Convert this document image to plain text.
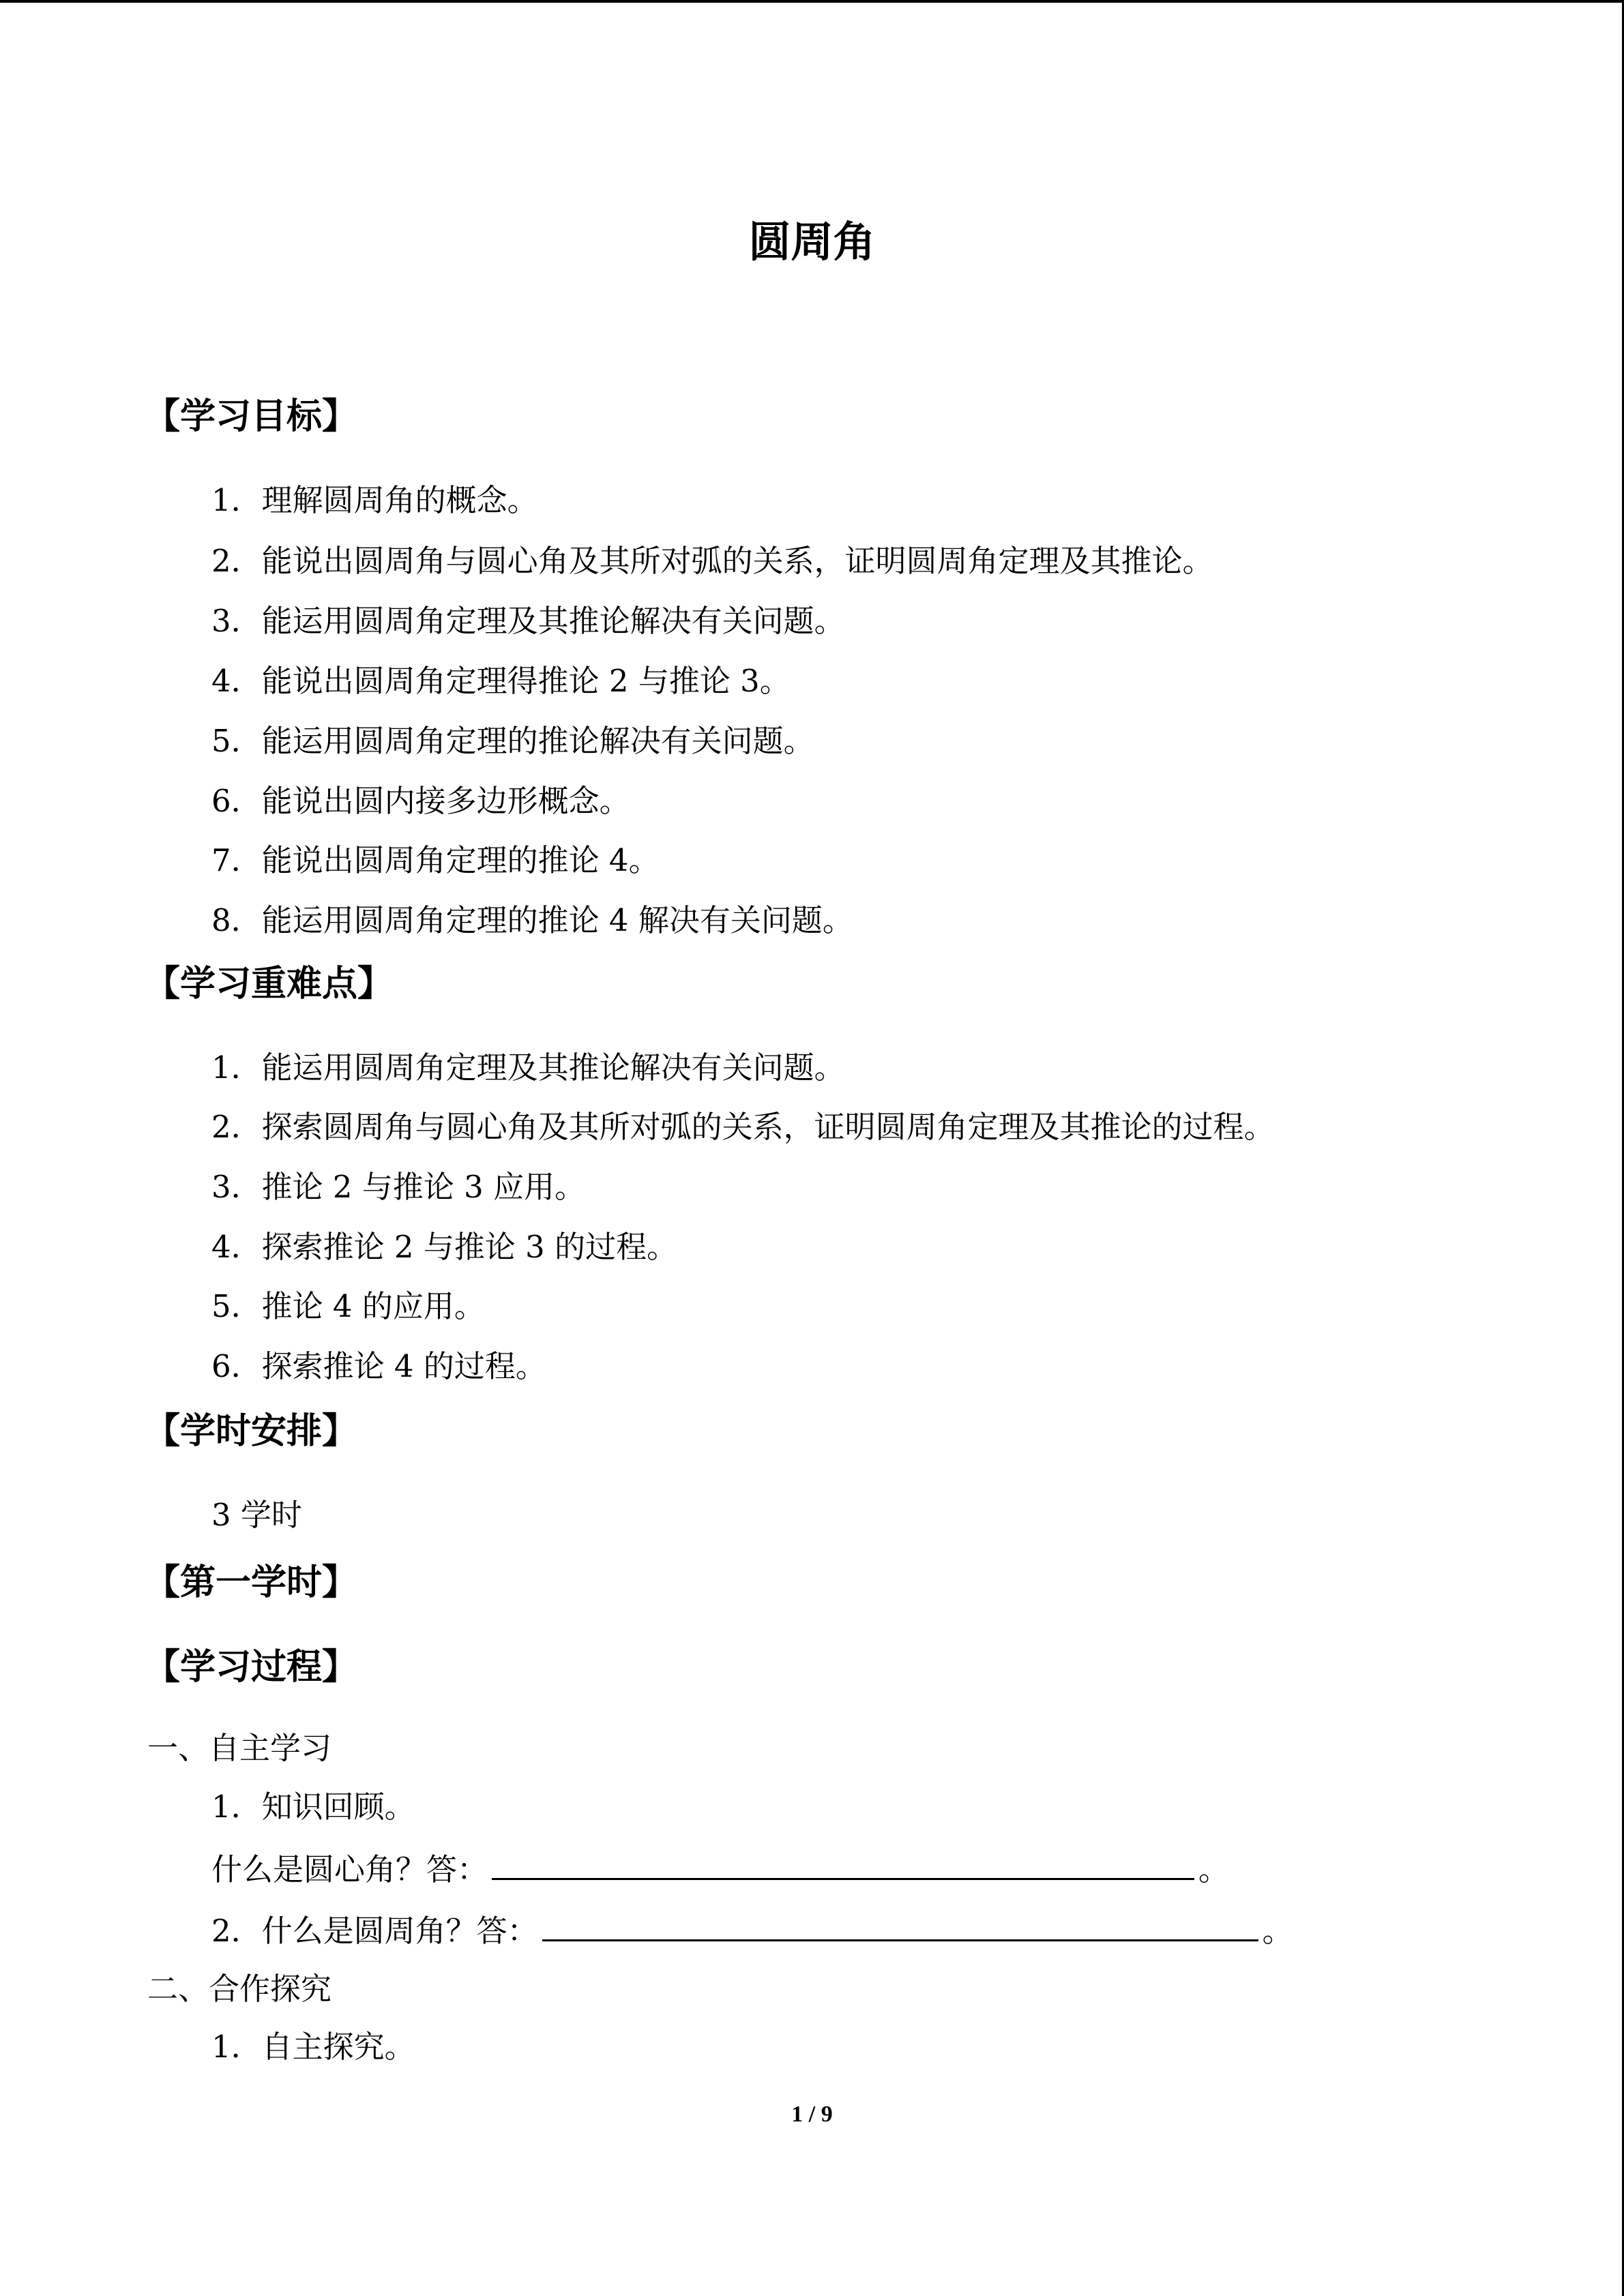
圆周角
【学习目标】
1．理解圆周角的概念。
2．能说出圆周角与圆心角及其所对弧的关系，证明圆周角定理及其推论。
3．能运用圆周角定理及其推论解决有关问题。
4．能说出圆周角定理得推论 2 与推论 3。
5．能运用圆周角定理的推论解决有关问题。
6．能说出圆内接多边形概念。
7．能说出圆周角定理的推论 4。
8．能运用圆周角定理的推论 4 解决有关问题。
【学习重难点】
1．能运用圆周角定理及其推论解决有关问题。
2．探索圆周角与圆心角及其所对弧的关系，证明圆周角定理及其推论的过程。
3．推论 2 与推论 3 应用。
4．探索推论 2 与推论 3 的过程。
5．推论 4 的应用。
6．探索推论 4 的过程。
【学时安排】
3 学时
【第一学时】
【学习过程】
一、自主学习
1．知识回顾。
什么是圆心角？答：	。
2．什么是圆周角？答：	。
二、合作探究
1．自主探究。
1 / 9
